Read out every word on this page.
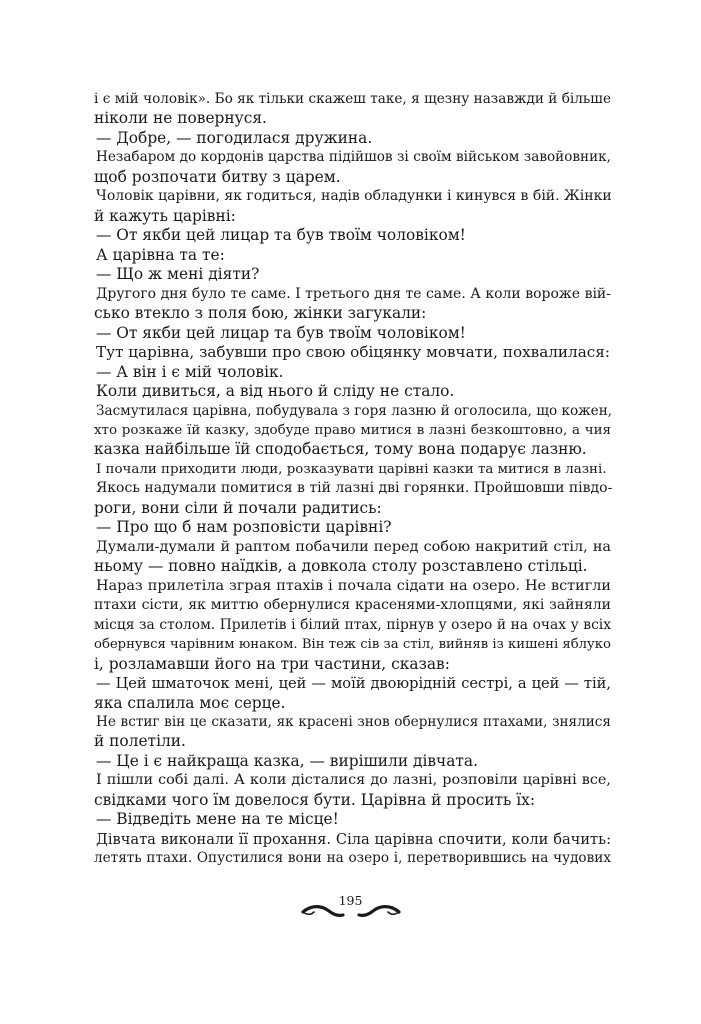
і є мій чоловік». Бо як тільки скажеш таке, я щезну назавжди й більше
ніколи не повернуся.
— Добре, — погодилася дружина.
Незабаром до кордонів царства підійшов зі своїм військом завойовник,
щоб розпочати битву з царем.
Чоловік царівни, як годиться, надів обладунки і кинувся в бій. Жінки
й кажуть царівні:
— От якби цей лицар та був твоїм чоловіком!
А царівна та те:
— Що ж мені діяти?
Другого дня було те саме. І третього дня те саме. А коли вороже вій-
сько втекло з поля бою, жінки загукали:
— От якби цей лицар та був твоїм чоловіком!
Тут царівна, забувши про свою обіцянку мовчати, похвалилася:
— А він і є мій чоловік.
Коли дивиться, а від нього й сліду не стало.
Засмутилася царівна, побудувала з горя лазню й оголосила, що кожен,
хто розкаже їй казку, здобуде право митися в лазні безкоштовно, а чия
казка найбільше їй сподобається, тому вона подарує лазню.
І почали приходити люди, розказувати царівні казки та митися в лазні.
Якось надумали помитися в тій лазні дві горянки. Пройшовши півдо-
роги, вони сіли й почали радитись:
— Про що б нам розповісти царівні?
Думали-думали й раптом побачили перед собою накритий стіл, на
ньому — повно наїдків, а довкола столу розставлено стільці.
Нараз прилетіла зграя птахів і почала сідати на озеро. Не встигли
птахи сісти, як миттю обернулися красенями-хлопцями, які зайняли
місця за столом. Прилетів і білий птах, пірнув у озеро й на очах у всіх
обернувся чарівним юнаком. Він теж сів за стіл, вийняв із кишені яблуко
і, розламавши його на три частини, сказав:
— Цей шматочок мені, цей — моїй двоюрідній сестрі, а цей — тій,
яка спалила моє серце.
Не встиг він це сказати, як красені знов обернулися птахами, знялися
й полетіли.
— Це і є найкраща казка, — вирішили дівчата.
І пішли собі далі. А коли дісталися до лазні, розповіли царівні все,
свідками чого їм довелося бути. Царівна й просить їх:
— Відведіть мене на те місце!
Дівчата виконали її прохання. Сіла царівна спочити, коли бачить:
летять птахи. Опустилися вони на озеро і, перетворившись на чудових
195
